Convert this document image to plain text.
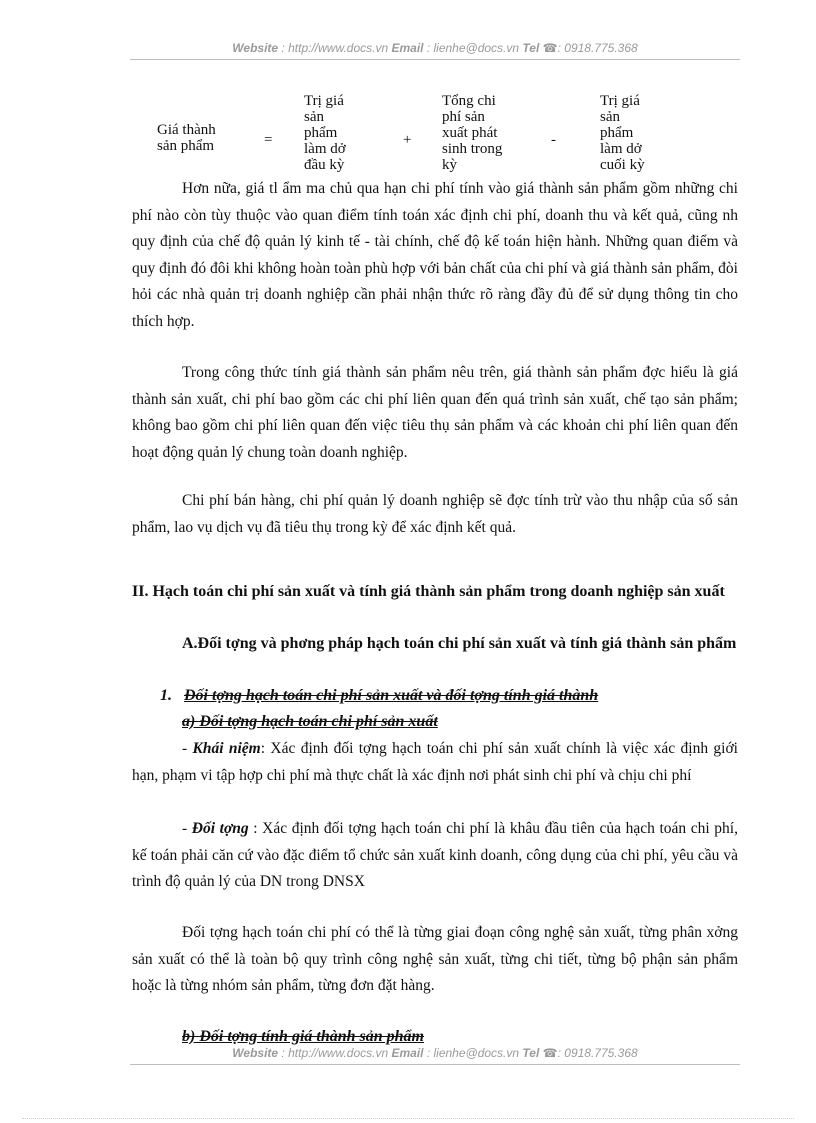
Website : http://www.docs.vn Email : lienhe@docs.vn Tel ☎: 0918.775.368
Giá thành
sản phẩm	=
Trị giá
sản
phẩm
làm dở
đầu kỳ
+
Tổng chi
phí sản
xuất phát
sinh trong
kỳ
-
Trị giá
sản
phẩm
làm dở
cuối kỳ
Hơn nữa, giá tl ẩm ma chủ qua hạn chi phí tính vào giá thành sản phẩm gồm những chi phí nào còn tùy thuộc vào quan điểm tính toán xác định chi phí, doanh thu và kết quả, cũng nh quy định của chế độ quản lý kinh tế - tài chính, chế độ kế toán hiện hành. Những quan điểm và quy định đó đôi khi không hoàn toàn phù hợp với bản chất của chi phí và giá thành sản phẩm, đòi hỏi các nhà quản trị doanh nghiệp cần phải nhận thức rõ ràng đầy đủ để sử dụng thông tin cho thích hợp.
Trong công thức tính giá thành sản phẩm nêu trên, giá thành sản phẩm đợc hiểu là giá thành sản xuất, chi phí bao gồm các chi phí liên quan đến quá trình sản xuất, chế tạo sản phẩm; không bao gồm chi phí liên quan đến việc tiêu thụ sản phẩm và các khoản chi phí liên quan đến hoạt động quản lý chung toàn doanh nghiệp.
Chi phí bán hàng, chi phí quản lý doanh nghiệp sẽ đợc tính trừ vào thu nhập của số sản phẩm, lao vụ dịch vụ đã tiêu thụ trong kỳ để xác định kết quả.
II. Hạch toán chi phí sản xuất và tính giá thành sản phẩm trong doanh nghiệp sản xuất
A.Đối tợng và phơng pháp hạch toán chi phí sản xuất và tính giá thành sản phẩm
1. Đối tợng hạch toán chi phí sản xuất và đối tợng tính giá thành
a) Đối tợng hạch toán chi phí sản xuất
- Khái niệm: Xác định đối tợng hạch toán chi phí sản xuất chính là việc xác định giới hạn, phạm vi tập hợp chi phí mà thực chất là xác định nơi phát sinh chi phí và chịu chi phí
- Đối tợng : Xác định đối tợng hạch toán chi phí là khâu đầu tiên của hạch toán chi phí, kế toán phải căn cứ vào đặc điểm tổ chức sản xuất kinh doanh, công dụng của chi phí, yêu cầu và trình độ quản lý của DN trong DNSX
Đối tợng hạch toán chi phí có thể là từng giai đoạn công nghệ sản xuất, từng phân xởng sản xuất có thể là toàn bộ quy trình công nghệ sản xuất, từng chi tiết, từng bộ phận sản phẩm hoặc là từng nhóm sản phẩm, từng đơn đặt hàng.
b) Đối tợng tính giá thành sản phẩm
Website : http://www.docs.vn Email : lienhe@docs.vn Tel ☎: 0918.775.368
